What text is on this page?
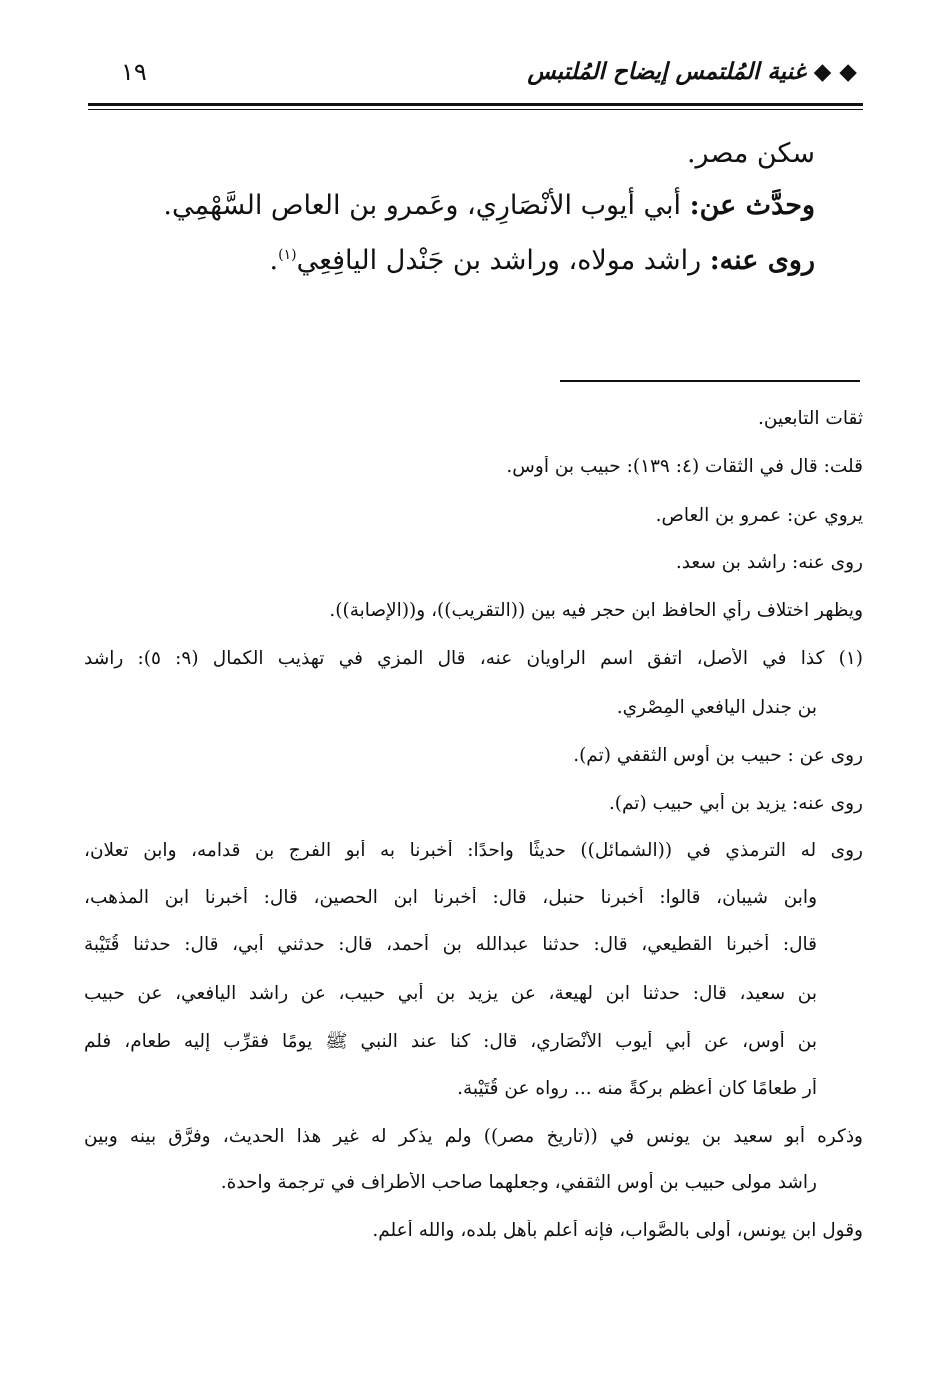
◆ ◆ غنية المُلتمس إيضاح المُلتبس
١٩
سكن مصر.
وحدَّث عن: أبي أيوب الأنْصَارِي، وعَمرو بن العاص السَّهْمِي.
روى عنه: راشد مولاه، وراشد بن جَنْدل اليافِعِي$^{(١)}$.
ثقات التابعين.
قلت: قال في الثقات (٤: ١٣٩): حبيب بن أوس.
يروي عن: عمرو بن العاص.
روى عنه: راشد بن سعد.
ويظهر اختلاف رأي الحافظ ابن حجر فيه بين ((التقريب))، و((الإصابة)).
(١) كذا في الأصل، اتفق اسم الراويان عنه، قال المزي في تهذيب الكمال (٩: ٥): راشد
بن جندل اليافعي المِصْري.
روى عن : حبيب بن أوس الثقفي (تم).
روى عنه: يزيد بن أبي حبيب (تم).
روى له الترمذي في ((الشمائل)) حديثًا واحدًا: أخبرنا به أبو الفرج بن قدامه، وابن تعلان،
وابن شيبان، قالوا: أخبرنا حنبل، قال: أخبرنا ابن الحصين، قال: أخبرنا ابن المذهب،
قال: أخبرنا القطيعي، قال: حدثنا عبدالله بن أحمد، قال: حدثني أبي، قال: حدثنا قُتَيْبة
بن سعيد، قال: حدثنا ابن لهيعة، عن يزيد بن أبي حبيب، عن راشد اليافعي، عن حبيب
بن أوس، عن أبي أيوب الأنْصَاري، قال: كنا عند النبي ﷺ يومًا فقرِّب إليه طعام، فلم
أر طعامًا كان أعظم بركةً منه ... رواه عن قُتَيْبة.
وذكره أبو سعيد بن يونس في ((تاريخ مصر)) ولم يذكر له غير هذا الحديث، وفرَّق بينه وبين
راشد مولى حبيب بن أوس الثقفي، وجعلهما صاحب الأطراف في ترجمة واحدة.
وقول ابن يونس، أولى بالصَّواب، فإنه أعلم بأهل بلده، والله أعلم.
